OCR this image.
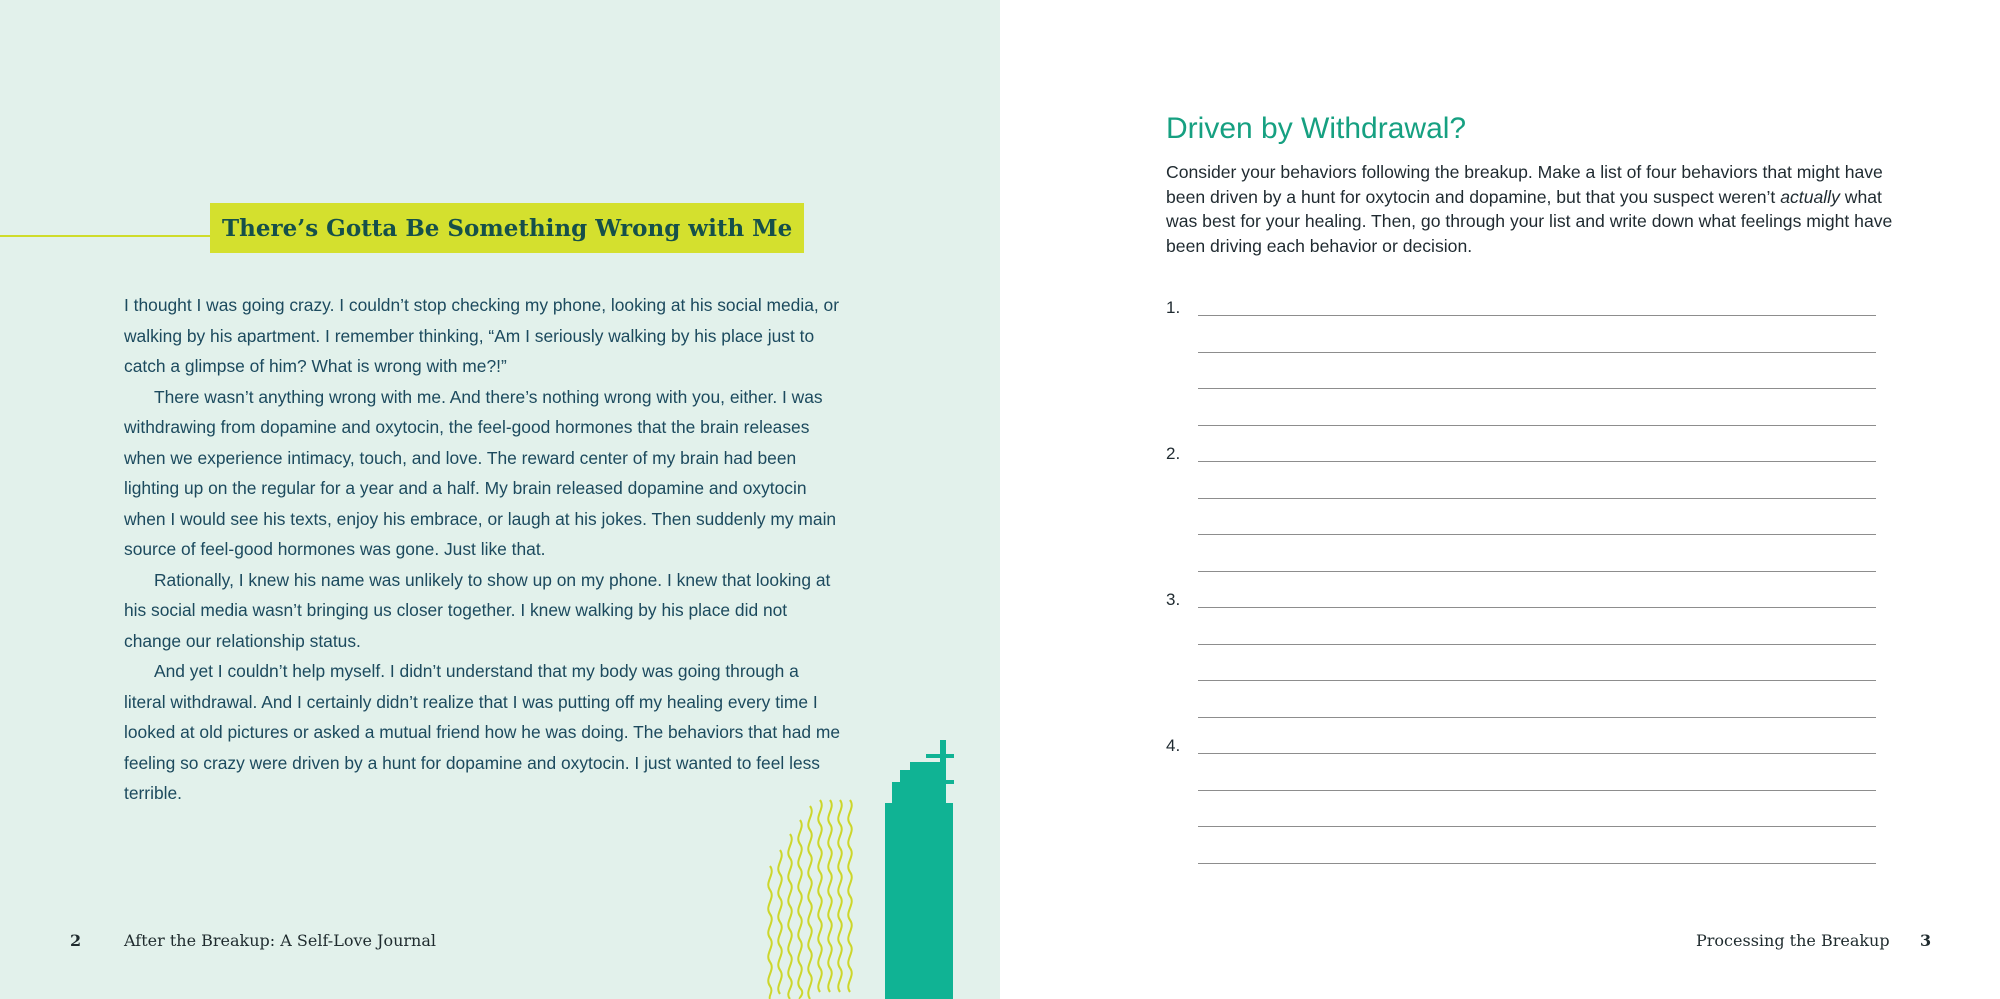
There’s Gotta Be Something Wrong with Me

I thought I was going crazy. I couldn’t stop checking my phone, looking at his social media, or walking by his apartment. I remember thinking, “Am I seriously walking by his place just to catch a glimpse of him? What is wrong with me?!”

There wasn’t anything wrong with me. And there’s nothing wrong with you, either. I was withdrawing from dopamine and oxytocin, the feel-good hormones that the brain releases when we experience intimacy, touch, and love. The reward center of my brain had been lighting up on the regular for a year and a half. My brain released dopamine and oxytocin when I would see his texts, enjoy his embrace, or laugh at his jokes. Then suddenly my main source of feel-good hormones was gone. Just like that.

Rationally, I knew his name was unlikely to show up on my phone. I knew that looking at his social media wasn’t bringing us closer together. I knew walking by his place did not change our relationship status.

And yet I couldn’t help myself. I didn’t understand that my body was going through a literal withdrawal. And I certainly didn’t realize that I was putting off my healing every time I looked at old pictures or asked a mutual friend how he was doing. The behaviors that had me feeling so crazy were driven by a hunt for dopamine and oxytocin. I just wanted to feel less terrible.

2	After the Breakup: A Self-Love Journal
Driven by Withdrawal?

Consider your behaviors following the breakup. Make a list of four behaviors that might have been driven by a hunt for oxytocin and dopamine, but that you suspect weren’t actually what was best for your healing. Then, go through your list and write down what feelings might have been driving each behavior or decision.

1.
2.
3.
4.
Processing the Breakup 3
